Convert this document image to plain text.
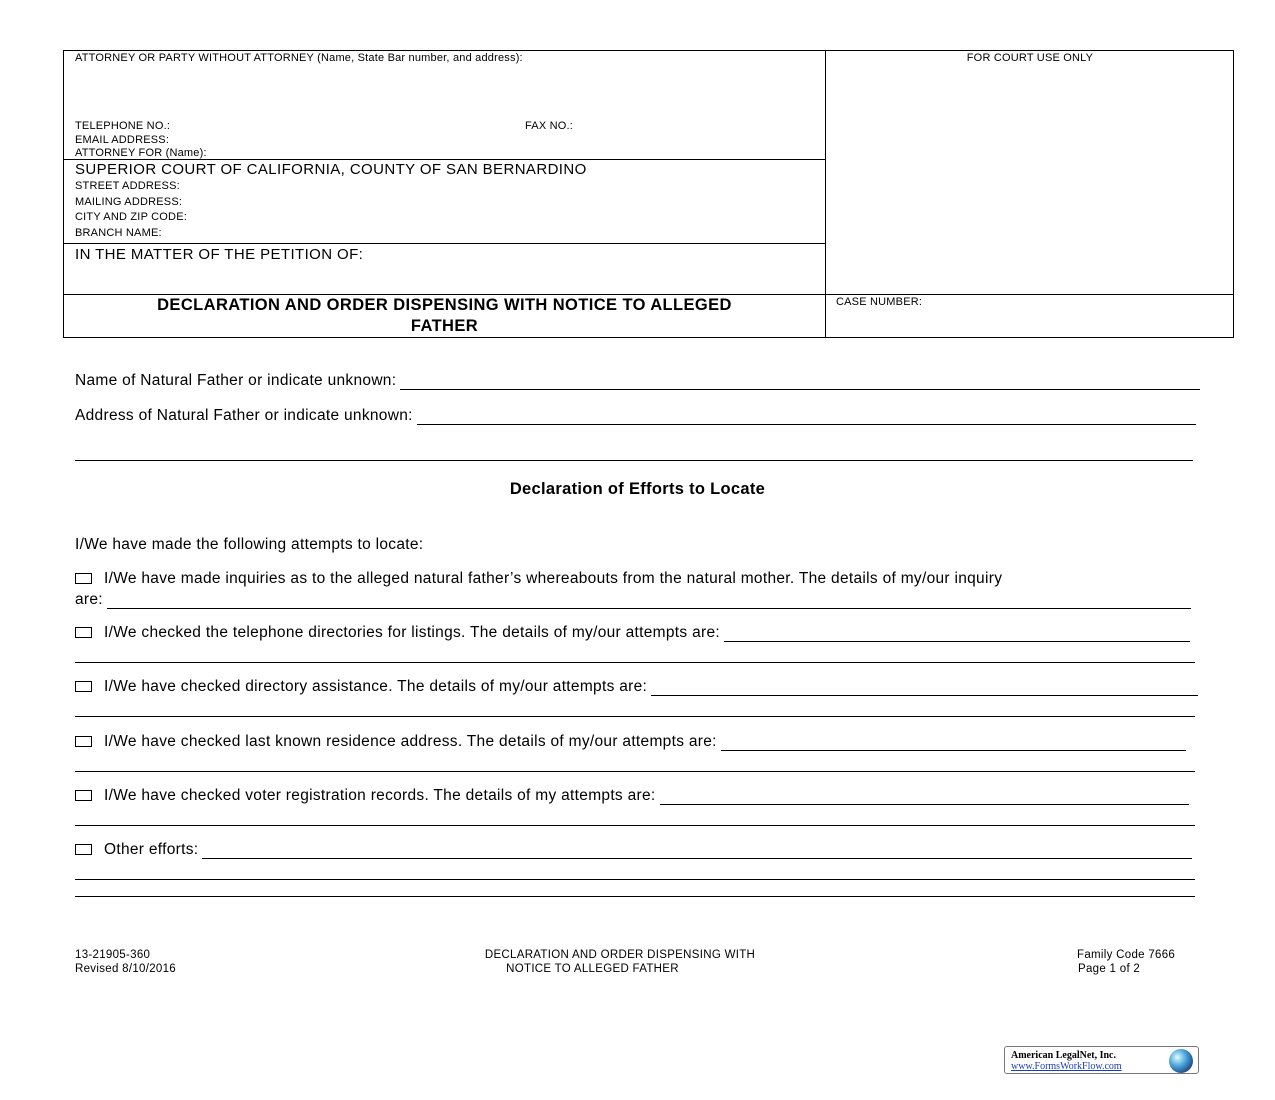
ATTORNEY OR PARTY WITHOUT ATTORNEY (Name, State Bar number, and address):
TELEPHONE NO.:	FAX NO.:
EMAIL ADDRESS:
ATTORNEY FOR (Name):
FOR COURT USE ONLY
SUPERIOR COURT OF CALIFORNIA, COUNTY OF SAN BERNARDINO
STREET ADDRESS:
MAILING ADDRESS:
CITY AND ZIP CODE:
BRANCH NAME:
IN THE MATTER OF THE PETITION OF:
DECLARATION AND ORDER DISPENSING WITH NOTICE TO ALLEGED
FATHER
CASE NUMBER:
Name of Natural Father or indicate unknown:
Address of Natural Father or indicate unknown:
Declaration of Efforts to Locate
I/We have made the following attempts to locate:
I/We have made inquiries as to the alleged natural father’s whereabouts from the natural mother. The details of my/our inquiry
are:
I/We checked the telephone directories for listings. The details of my/our attempts are:
I/We have checked directory assistance. The details of my/our attempts are:
I/We have checked last known residence address. The details of my/our attempts are:
I/We have checked voter registration records. The details of my attempts are:
Other efforts:
13-21905-360
Revised 8/10/2016
DECLARATION AND ORDER DISPENSING WITH
NOTICE TO ALLEGED FATHER
Family Code 7666
Page 1 of 2
American LegalNet, Inc.
www.FormsWorkFlow.com
